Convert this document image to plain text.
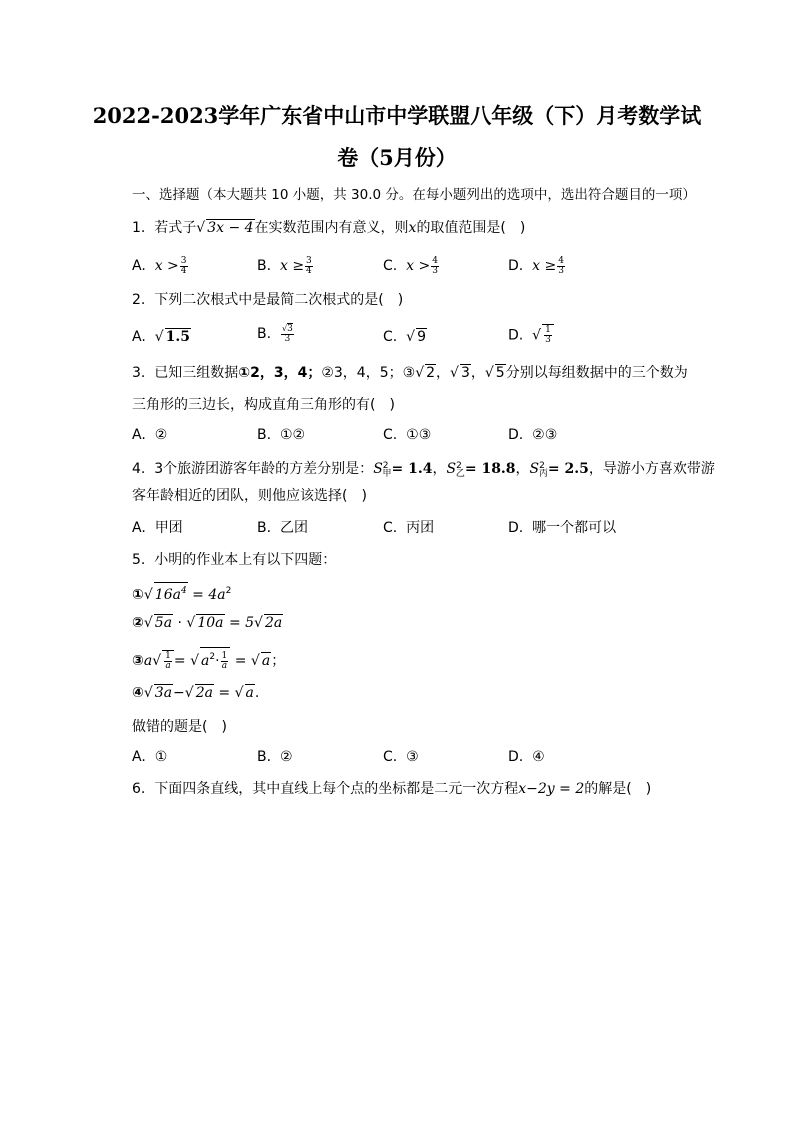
2022-2023学年广东省中山市中学联盟八年级（下）月考数学试
卷（5月份）
一、选择题（本大题共 10 小题，共 30.0 分。在每小题列出的选项中，选出符合题目的一项）
1. 若式子√ 3x − 4在实数范围内有意义，则x的取值范围是(　)
A. $x > \frac{3}{4}$	B. $x \ge \frac{3}{4}$	C. $x > \frac{4}{3}$	D. $x \ge \frac{4}{3}$
2. 下列二次根式中是最简二次根式的是(　)
A. √ 1.5	B. $\frac{√3}{3}$	C. √ 9	D. √ $\frac{1}{3}$
3. 已知三组数据①2，3，4；②3，4，5；③√ 2，√ 3，√ 5分别以每组数据中的三个数为
三角形的三边长，构成直角三角形的有(　)
A. ②	B. ①②	C. ①③	D. ②③
4. 3个旅游团游客年龄的方差分别是：$S^2_甲= 1.4$，$S^2_乙= 18.8$，$S^2_丙= 2.5$，导游小方喜欢带游
客年龄相近的团队，则他应该选择(　)
A. 甲团	B. 乙团	C. 丙团	D. 哪一个都可以
5. 小明的作业本上有以下四题：
①√ $16a^4 = 4a^2$
②√ 5a · √ 10a = 5√ 2a
③a√ $\frac{1}{a}$ = √ $a^2\cdot \frac{1}{a}$ = √ a；
④√ 3a−√ 2a = √ a.
做错的题是(　)
A. ①	B. ②	C. ③	D. ④
6. 下面四条直线，其中直线上每个点的坐标都是二元一次方程x−2y = 2的解是(　)
